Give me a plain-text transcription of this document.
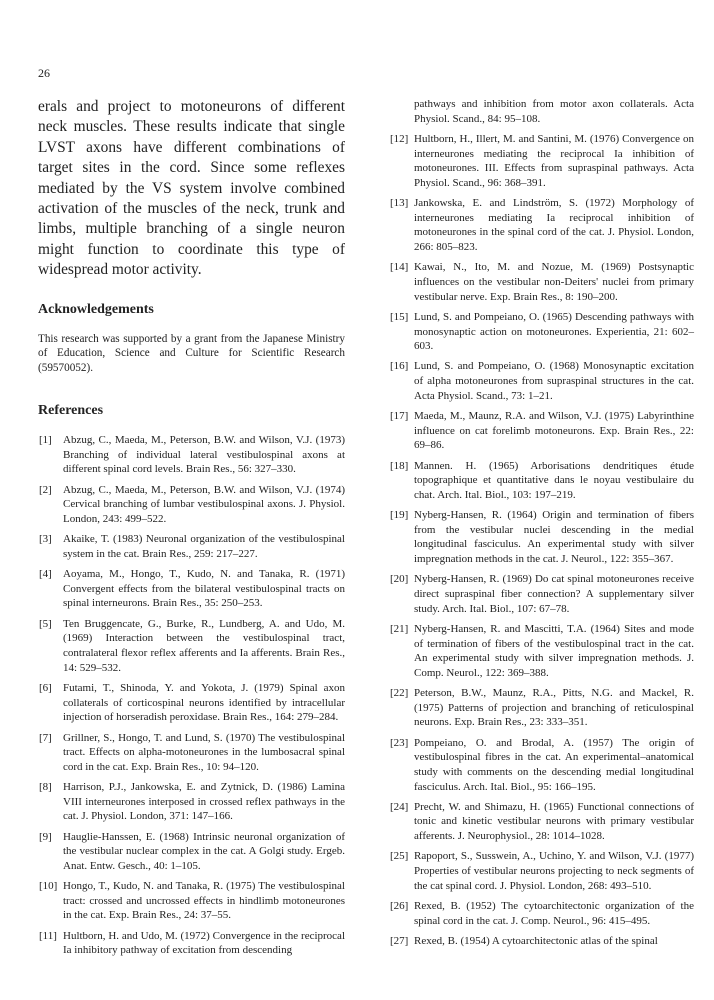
26

erals and project to motoneurons of different neck muscles. These results indicate that single LVST axons have different combinations of target sites in the cord. Since some reflexes mediated by the VS system involve combined activation of the muscles of the neck, trunk and limbs, multiple branching of a single neuron might function to coordinate this type of widespread motor activity.

Acknowledgements

This research was supported by a grant from the Japanese Ministry of Education, Science and Culture for Scientific Research (59570052).

References
[1] Abzug, C., Maeda, M., Peterson, B.W. and Wilson, V.J. (1973) Branching of individual lateral vestibulospinal axons at different spinal cord levels. Brain Res., 56: 327–330.
[2] Abzug, C., Maeda, M., Peterson, B.W. and Wilson, V.J. (1974) Cervical branching of lumbar vestibulospinal axons. J. Physiol. London, 243: 499–522.
[3] Akaike, T. (1983) Neuronal organization of the vestibulospinal system in the cat. Brain Res., 259: 217–227.
[4] Aoyama, M., Hongo, T., Kudo, N. and Tanaka, R. (1971) Convergent effects from the bilateral vestibulospinal tracts on spinal interneurons. Brain Res., 35: 250–253.
[5] Ten Bruggencate, G., Burke, R., Lundberg, A. and Udo, M. (1969) Interaction between the vestibulospinal tract, contralateral flexor reflex afferents and Ia afferents. Brain Res., 14: 529–532.
[6] Futami, T., Shinoda, Y. and Yokota, J. (1979) Spinal axon collaterals of corticospinal neurons identified by intracellular injection of horseradish peroxidase. Brain Res., 164: 279–284.
[7] Grillner, S., Hongo, T. and Lund, S. (1970) The vestibulospinal tract. Effects on alpha-motoneurones in the lumbosacral spinal cord in the cat. Exp. Brain Res., 10: 94–120.
[8] Harrison, P.J., Jankowska, E. and Zytnick, D. (1986) Lamina VIII interneurones interposed in crossed reflex pathways in the cat. J. Physiol. London, 371: 147–166.
[9] Hauglie-Hanssen, E. (1968) Intrinsic neuronal organization of the vestibular nuclear complex in the cat. A Golgi study. Ergeb. Anat. Entw. Gesch., 40: 1–105.
[10] Hongo, T., Kudo, N. and Tanaka, R. (1975) The vestibulospinal tract: crossed and uncrossed effects in hindlimb motoneurones in the cat. Exp. Brain Res., 24: 37–55.
[11] Hultborn, H. and Udo, M. (1972) Convergence in the reciprocal Ia inhibitory pathway of excitation from descending
pathways and inhibition from motor axon collaterals. Acta Physiol. Scand., 84: 95–108.
[12] Hultborn, H., Illert, M. and Santini, M. (1976) Convergence on interneurones mediating the reciprocal Ia inhibition of motoneurones. III. Effects from supraspinal pathways. Acta Physiol. Scand., 96: 368–391.
[13] Jankowska, E. and Lindström, S. (1972) Morphology of interneurones mediating Ia reciprocal inhibition of motoneurones in the spinal cord of the cat. J. Physiol. London, 266: 805–823.
[14] Kawai, N., Ito, M. and Nozue, M. (1969) Postsynaptic influences on the vestibular non-Deiters' nuclei from primary vestibular nerve. Exp. Brain Res., 8: 190–200.
[15] Lund, S. and Pompeiano, O. (1965) Descending pathways with monosynaptic action on motoneurones. Experientia, 21: 602–603.
[16] Lund, S. and Pompeiano, O. (1968) Monosynaptic excitation of alpha motoneurones from supraspinal structures in the cat. Acta Physiol. Scand., 73: 1–21.
[17] Maeda, M., Maunz, R.A. and Wilson, V.J. (1975) Labyrinthine influence on cat forelimb motoneurons. Exp. Brain Res., 22: 69–86.
[18] Mannen. H. (1965) Arborisations dendritiques étude topographique et quantitative dans le noyau vestibulaire du chat. Arch. Ital. Biol., 103: 197–219.
[19] Nyberg-Hansen, R. (1964) Origin and termination of fibers from the vestibular nuclei descending in the medial longitudinal fasciculus. An experimental study with silver impregnation methods in the cat. J. Neurol., 122: 355–367.
[20] Nyberg-Hansen, R. (1969) Do cat spinal motoneurones receive direct supraspinal fiber connection? A supplementary silver study. Arch. Ital. Biol., 107: 67–78.
[21] Nyberg-Hansen, R. and Mascitti, T.A. (1964) Sites and mode of termination of fibers of the vestibulospinal tract in the cat. An experimental study with silver impregnation methods. J. Comp. Neurol., 122: 369–388.
[22] Peterson, B.W., Maunz, R.A., Pitts, N.G. and Mackel, R. (1975) Patterns of projection and branching of reticulospinal neurons. Exp. Brain Res., 23: 333–351.
[23] Pompeiano, O. and Brodal, A. (1957) The origin of vestibulospinal fibres in the cat. An experimental–anatomical study with comments on the descending medial longitudinal fasciculus. Arch. Ital. Biol., 95: 166–195.
[24] Precht, W. and Shimazu, H. (1965) Functional connections of tonic and kinetic vestibular neurons with primary vestibular afferents. J. Neurophysiol., 28: 1014–1028.
[25] Rapoport, S., Susswein, A., Uchino, Y. and Wilson, V.J. (1977) Properties of vestibular neurons projecting to neck segments of the cat spinal cord. J. Physiol. London, 268: 493–510.
[26] Rexed, B. (1952) The cytoarchitectonic organization of the spinal cord in the cat. J. Comp. Neurol., 96: 415–495.
[27] Rexed, B. (1954) A cytoarchitectonic atlas of the spinal
